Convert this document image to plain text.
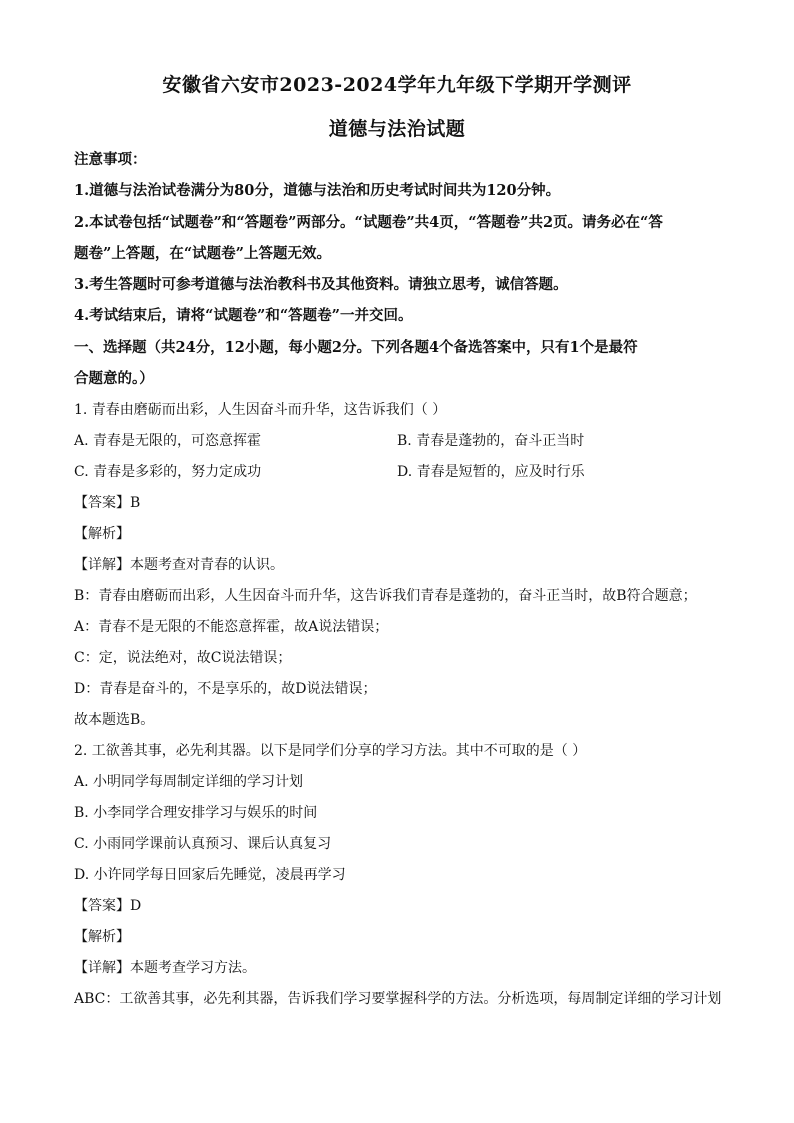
安徽省六安市2023-2024学年九年级下学期开学测评
道德与法治试题
注意事项：
1.道德与法治试卷满分为80分，道德与法治和历史考试时间共为120分钟。
2.本试卷包括“试题卷”和“答题卷”两部分。“试题卷”共4页，“答题卷”共2页。请务必在“答
题卷”上答题，在“试题卷”上答题无效。
3.考生答题时可参考道德与法治教科书及其他资料。请独立思考，诚信答题。
4.考试结束后，请将“试题卷”和“答题卷”一并交回。
一、选择题（共24分，12小题，每小题2分。下列各题4个备选答案中，只有1个是最符
合题意的。）
1. 青春由磨砺而出彩，人生因奋斗而升华，这告诉我们（ ）
A. 青春是无限的，可恣意挥霍	B. 青春是蓬勃的，奋斗正当时
C. 青春是多彩的，努力定成功	D. 青春是短暂的，应及时行乐
【答案】B
【解析】
【详解】本题考查对青春的认识。
B：青春由磨砺而出彩，人生因奋斗而升华，这告诉我们青春是蓬勃的，奋斗正当时，故B符合题意；
A：青春不是无限的不能恣意挥霍，故A说法错误；
C：定，说法绝对，故C说法错误；
D：青春是奋斗的，不是享乐的，故D说法错误；
故本题选B。
2. 工欲善其事，必先利其器。以下是同学们分享的学习方法。其中不可取的是（ ）
A. 小明同学每周制定详细的学习计划
B. 小李同学合理安排学习与娱乐的时间
C. 小雨同学课前认真预习、课后认真复习
D. 小许同学每日回家后先睡觉，凌晨再学习
【答案】D
【解析】
【详解】本题考查学习方法。
ABC：工欲善其事，必先利其器，告诉我们学习要掌握科学的方法。分析选项，每周制定详细的学习计划
